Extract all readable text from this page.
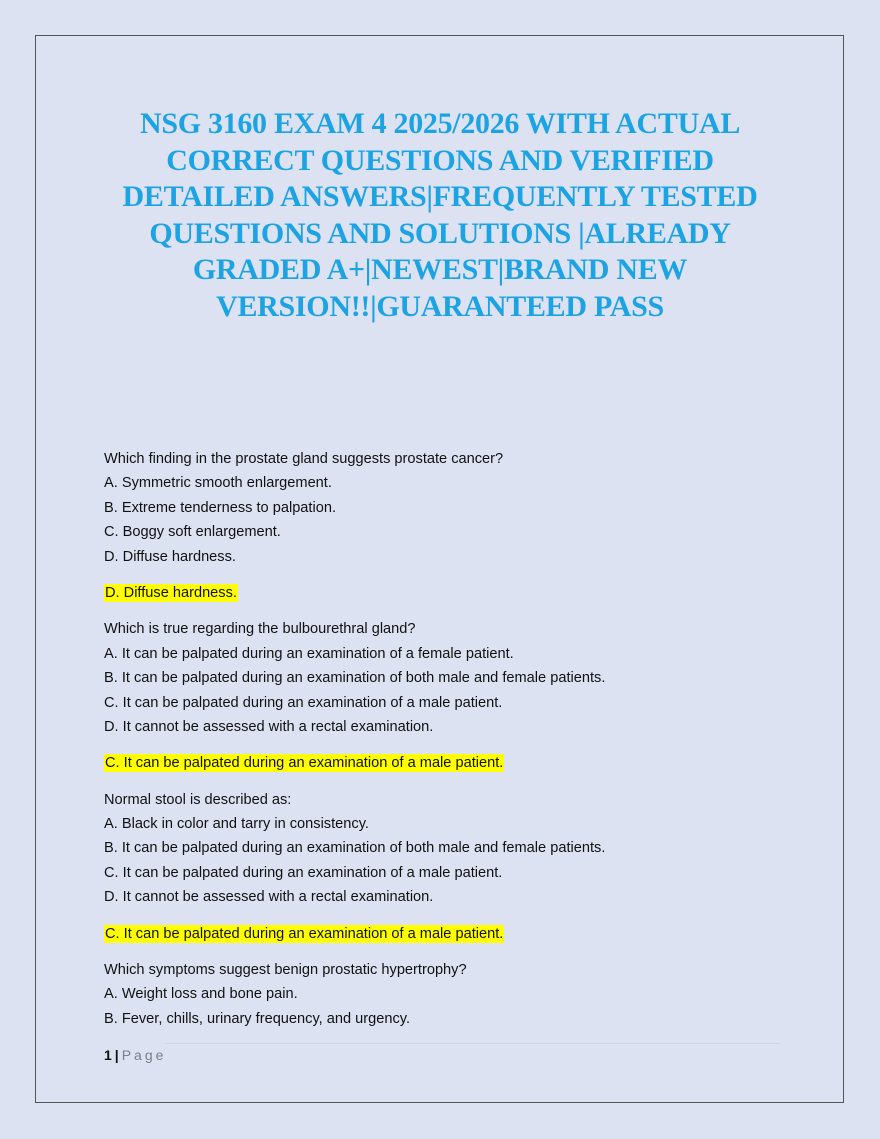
NSG 3160 EXAM 4 2025/2026 WITH ACTUAL
CORRECT QUESTIONS AND VERIFIED
DETAILED ANSWERS|FREQUENTLY TESTED
QUESTIONS AND SOLUTIONS |ALREADY
GRADED A+|NEWEST|BRAND NEW
VERSION!!|GUARANTEED PASS
Which finding in the prostate gland suggests prostate cancer?
A. Symmetric smooth enlargement.
B. Extreme tenderness to palpation.
C. Boggy soft enlargement.
D. Diffuse hardness.
D. Diffuse hardness.
Which is true regarding the bulbourethral gland?
A. It can be palpated during an examination of a female patient.
B. It can be palpated during an examination of both male and female patients.
C. It can be palpated during an examination of a male patient.
D. It cannot be assessed with a rectal examination.
C. It can be palpated during an examination of a male patient.
Normal stool is described as:
A. Black in color and tarry in consistency.
B. It can be palpated during an examination of both male and female patients.
C. It can be palpated during an examination of a male patient.
D. It cannot be assessed with a rectal examination.
C. It can be palpated during an examination of a male patient.
Which symptoms suggest benign prostatic hypertrophy?
A. Weight loss and bone pain.
B. Fever, chills, urinary frequency, and urgency.
1 | Page
